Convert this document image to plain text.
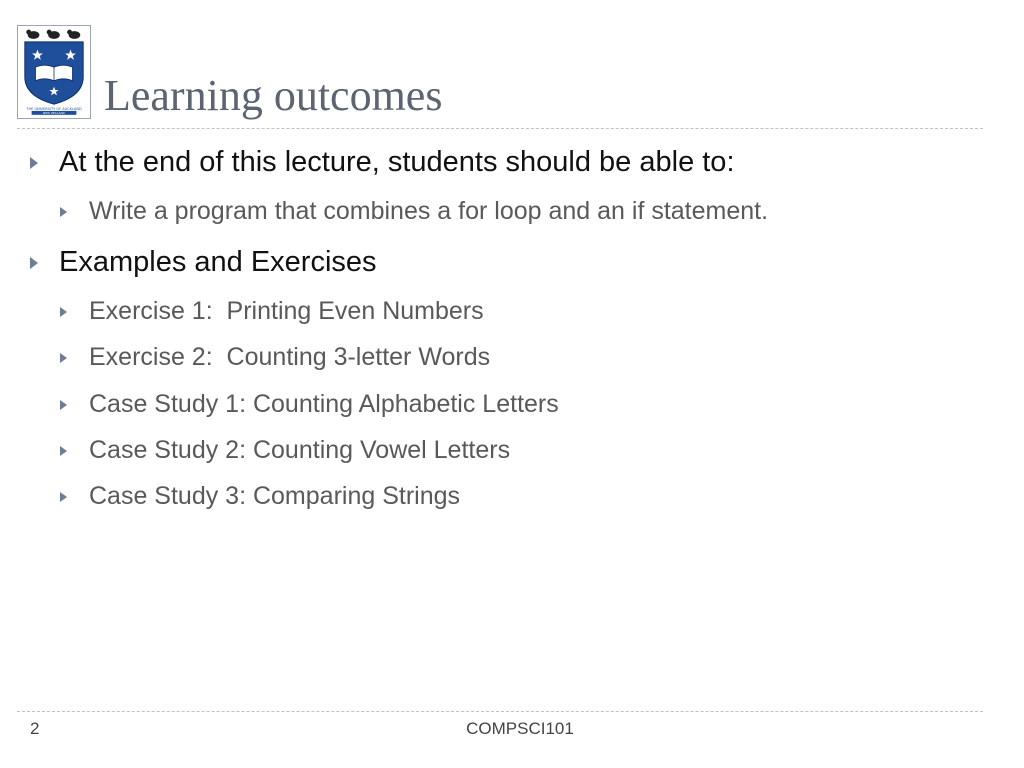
THE UNIVERSITY OF AUCKLAND
NEW ZEALAND Learning outcomes
At the end of this lecture, students should be able to:
Write a program that combines a for loop and an if statement.
Examples and Exercises
Exercise 1:  Printing Even Numbers
Exercise 2:  Counting 3-letter Words
Case Study 1: Counting Alphabetic Letters
Case Study 2: Counting Vowel Letters
Case Study 3: Comparing Strings
2	COMPSCI101
